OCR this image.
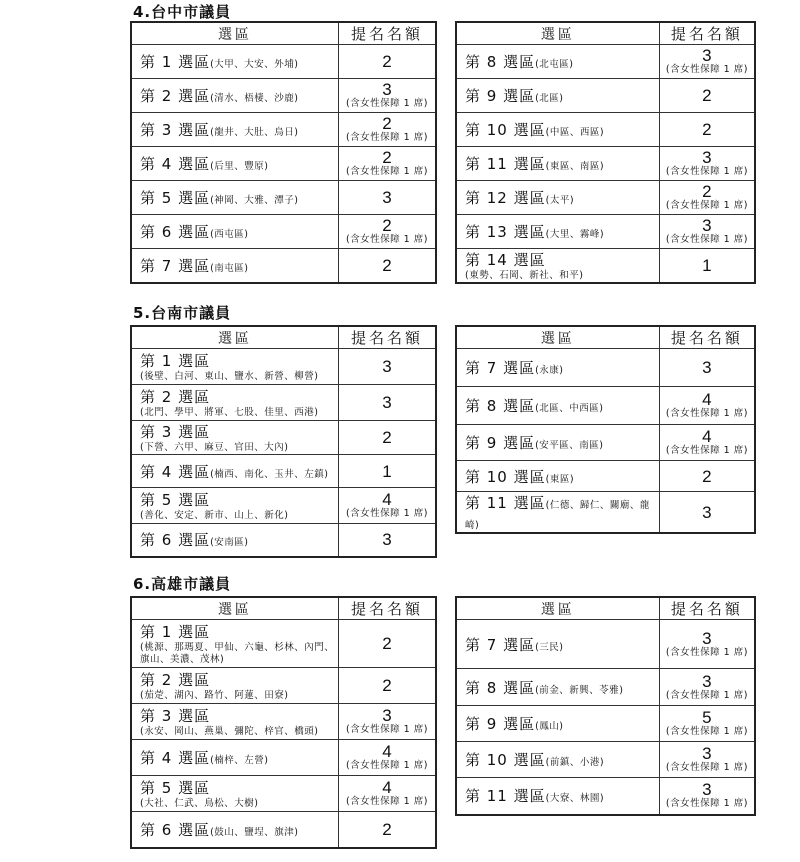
4.台中市議員
5.台南市議員
6.高雄市議員
選區	提名名額
第 1 選區(大甲、大安、外埔)	2

第 2 選區(清水、梧棲、沙鹿)	3
(含女性保障 1 席)

第 3 選區(龍井、大肚、烏日)	2
(含女性保障 1 席)

第 4 選區(后里、豐原)	2
(含女性保障 1 席)

第 5 選區(神岡、大雅、潭子)	3

第 6 選區(西屯區)	2
(含女性保障 1 席)

第 7 選區(南屯區)	2
選區	提名名額
第 8 選區(北屯區)	3
(含女性保障 1 席)

第 9 選區(北區)	2

第 10 選區(中區、西區)	2

第 11 選區(東區、南區)	3
(含女性保障 1 席)

第 12 選區(太平)	2
(含女性保障 1 席)

第 13 選區(大里、霧峰)	3
(含女性保障 1 席)

第 14 選區
(東勢、石岡、新社、和平)	1
選區	提名名額
第 1 選區
(後壁、白河、東山、鹽水、新營、柳營)	3

第 2 選區
(北門、學甲、將軍、七股、佳里、西港)	3

第 3 選區
(下營、六甲、麻豆、官田、大內)	2

第 4 選區(楠西、南化、玉井、左鎮)	1

第 5 選區
(善化、安定、新市、山上、新化)	4
(含女性保障 1 席)

第 6 選區(安南區)	3
選區	提名名額
第 7 選區(永康)	3

第 8 選區(北區、中西區)	4
(含女性保障 1 席)

第 9 選區(安平區、南區)	4
(含女性保障 1 席)

第 10 選區(東區)	2

第 11 選區(仁德、歸仁、關廟、龍崎)	3
選區	提名名額
第 1 選區
(桃源、那瑪夏、甲仙、六龜、杉林、內門、旗山、美濃、茂林)	2

第 2 選區
(茄萣、湖內、路竹、阿蓮、田寮)	2

第 3 選區
(永安、岡山、燕巢、彌陀、梓官、橋頭)	3
(含女性保障 1 席)

第 4 選區(楠梓、左營)	4
(含女性保障 1 席)

第 5 選區
(大社、仁武、鳥松、大樹)	4
(含女性保障 1 席)

第 6 選區(鼓山、鹽埕、旗津)	2
選區	提名名額
第 7 選區(三民)	3
(含女性保障 1 席)

第 8 選區(前金、新興、苓雅)	3
(含女性保障 1 席)

第 9 選區(鳳山)	5
(含女性保障 1 席)

第 10 選區(前鎮、小港)	3
(含女性保障 1 席)

第 11 選區(大寮、林園)	3
(含女性保障 1 席)
